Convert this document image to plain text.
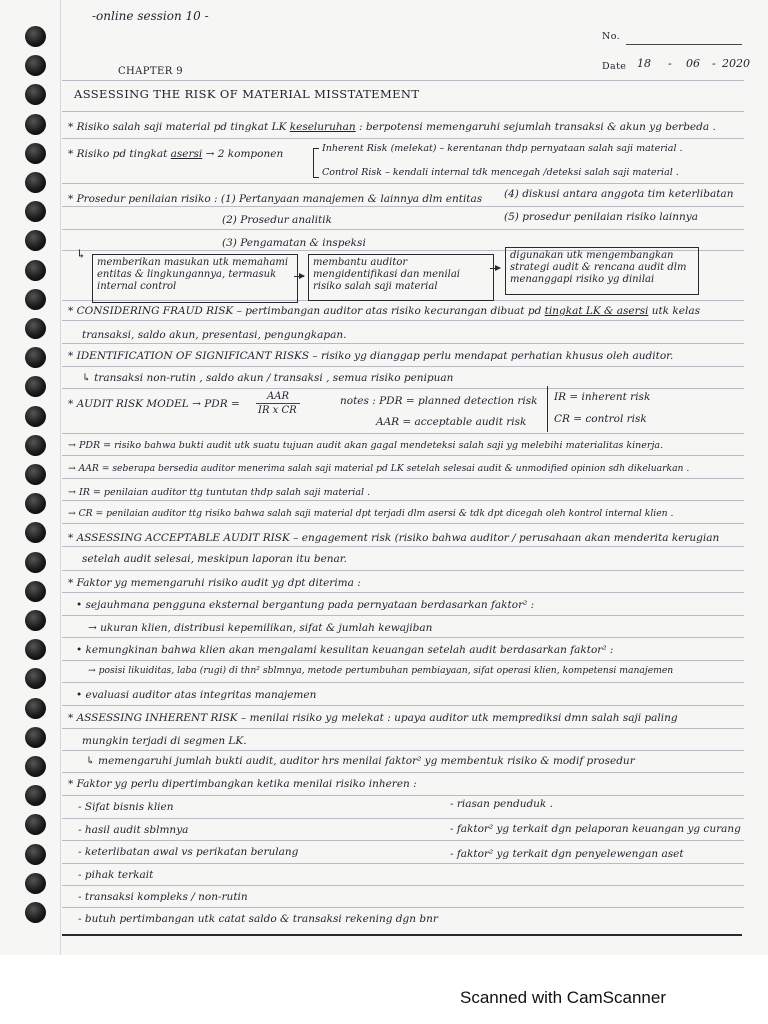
-online session 10 -
No.
Date 18 - 06 - 2020
CHAPTER 9
ASSESSING THE RISK OF MATERIAL MISSTATEMENT
* Risiko salah saji material pd tingkat LK keseluruhan : berpotensi memengaruhi sejumlah transaksi & akun yg berbeda .
* Risiko pd tingkat asersi → 2 komponen	Inherent Risk (melekat) – kerentanan thdp pernyataan salah saji material .
Control Risk – kendali internal tdk mencegah /deteksi salah saji material .
* Prosedur penilaian risiko : (1) Pertanyaan manajemen & lainnya dlm entitas (4) diskusi antara anggota tim keterlibatan
(2) Prosedur analitik	(5) prosedur penilaian risiko lainnya
(3) Pengamatan & inspeksi
↳
memberikan masukan utk memahami entitas & lingkungannya, termasuk internal control
membantu auditor mengidentifikasi dan menilai risiko salah saji material
digunakan utk mengembangkan strategi audit & rencana audit dlm menanggapi risiko yg dinilai
* CONSIDERING FRAUD RISK – pertimbangan auditor atas risiko kecurangan dibuat pd tingkat LK & asersi utk kelas
transaksi, saldo akun, presentasi, pengungkapan.
* IDENTIFICATION OF SIGNIFICANT RISKS – risiko yg dianggap perlu mendapat perhatian khusus oleh auditor.
↳ transaksi non-rutin , saldo akun / transaksi , semua risiko penipuan
* AUDIT RISK MODEL → PDR =
AAR
IR x CR
notes : PDR = planned detection risk
AAR = acceptable audit risk
IR = inherent risk
CR = control risk
→ PDR = risiko bahwa bukti audit utk suatu tujuan audit akan gagal mendeteksi salah saji yg melebihi materialitas kinerja.
→ AAR = seberapa bersedia auditor menerima salah saji material pd LK setelah selesai audit & unmodified opinion sdh dikeluarkan .
→ IR = penilaian auditor ttg tuntutan thdp salah saji material .
→ CR = penilaian auditor ttg risiko bahwa salah saji material dpt terjadi dlm asersi & tdk dpt dicegah oleh kontrol internal klien .
* ASSESSING ACCEPTABLE AUDIT RISK – engagement risk (risiko bahwa auditor / perusahaan akan menderita kerugian
setelah audit selesai, meskipun laporan itu benar.
* Faktor yg memengaruhi risiko audit yg dpt diterima :
• sejauhmana pengguna eksternal bergantung pada pernyataan berdasarkan faktor² :
→ ukuran klien, distribusi kepemilikan, sifat & jumlah kewajiban
• kemungkinan bahwa klien akan mengalami kesulitan keuangan setelah audit berdasarkan faktor² :
→ posisi likuiditas, laba (rugi) di thn² sblmnya, metode pertumbuhan pembiayaan, sifat operasi klien, kompetensi manajemen
• evaluasi auditor atas integritas manajemen
* ASSESSING INHERENT RISK – menilai risiko yg melekat : upaya auditor utk memprediksi dmn salah saji paling
mungkin terjadi di segmen LK.
↳ memengaruhi jumlah bukti audit, auditor hrs menilai faktor² yg membentuk risiko & modif prosedur
* Faktor yg perlu dipertimbangkan ketika menilai risiko inheren :
- Sifat bisnis klien
- hasil audit sblmnya
- keterlibatan awal vs perikatan berulang
- pihak terkait
- transaksi kompleks / non-rutin
- butuh pertimbangan utk catat saldo & transaksi rekening dgn bnr
- riasan penduduk .
- faktor² yg terkait dgn pelaporan keuangan yg curang
- faktor² yg terkait dgn penyelewengan aset
Scanned with CamScanner
